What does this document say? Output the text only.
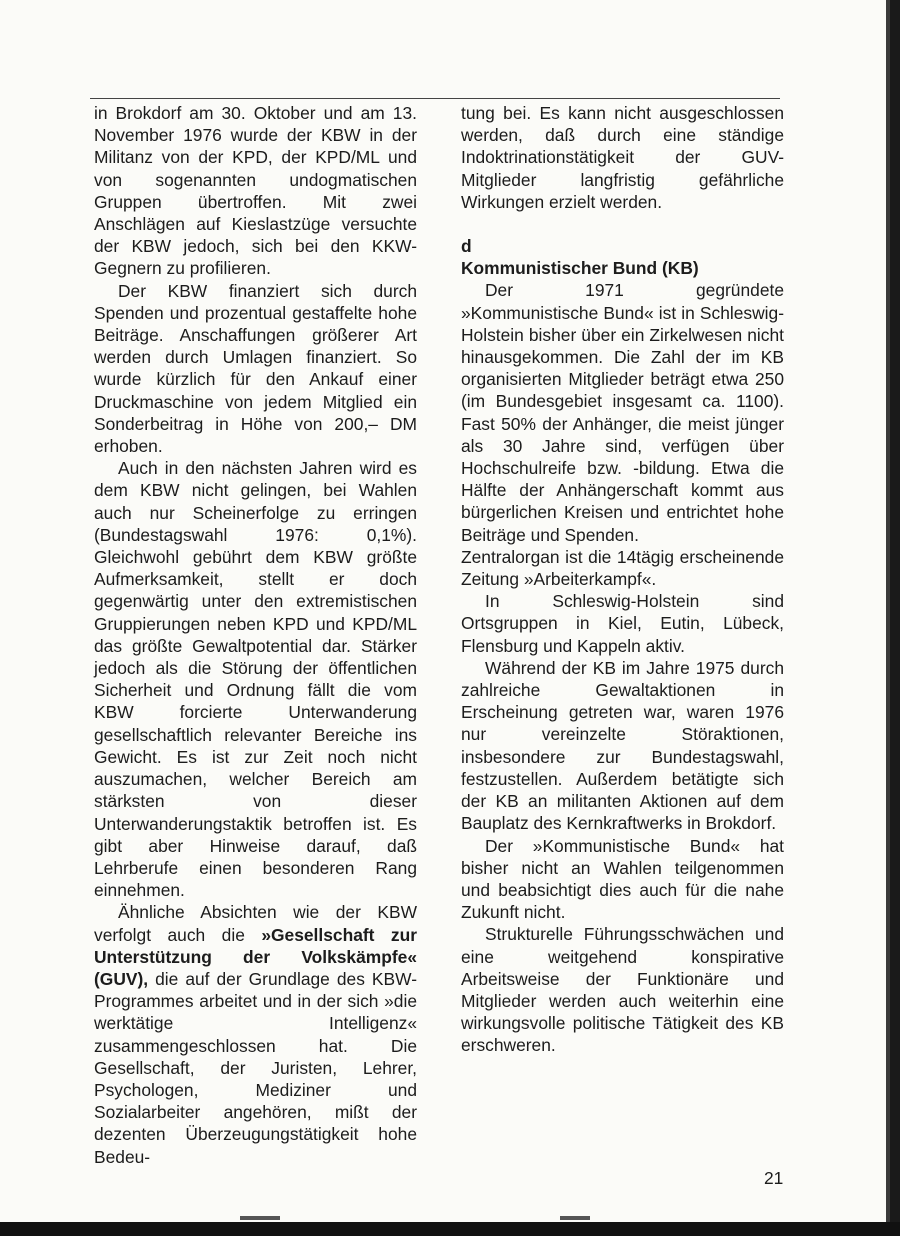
in Brokdorf am 30. Oktober und am 13. November 1976 wurde der KBW in der Militanz von der KPD, der KPD/ML und von sogenannten undogmatischen Gruppen übertroffen. Mit zwei Anschlägen auf Kieslastzüge versuchte der KBW jedoch, sich bei den KKW-Gegnern zu profilieren.

Der KBW finanziert sich durch Spenden und prozentual gestaffelte hohe Beiträge. Anschaffungen größerer Art werden durch Umlagen finanziert. So wurde kürzlich für den Ankauf einer Druckmaschine von jedem Mitglied ein Sonderbeitrag in Höhe von 200,– DM erhoben.

Auch in den nächsten Jahren wird es dem KBW nicht gelingen, bei Wahlen auch nur Scheinerfolge zu erringen (Bundestagswahl 1976: 0,1%). Gleichwohl gebührt dem KBW größte Aufmerksamkeit, stellt er doch gegenwärtig unter den extremistischen Gruppierungen neben KPD und KPD/ML das größte Gewaltpotential dar. Stärker jedoch als die Störung der öffentlichen Sicherheit und Ordnung fällt die vom KBW forcierte Unterwanderung gesellschaftlich relevanter Bereiche ins Gewicht. Es ist zur Zeit noch nicht auszumachen, welcher Bereich am stärksten von dieser Unterwanderungstaktik betroffen ist. Es gibt aber Hinweise darauf, daß Lehrberufe einen besonderen Rang einnehmen.

Ähnliche Absichten wie der KBW verfolgt auch die »Gesellschaft zur Unterstützung der Volkskämpfe« (GUV), die auf der Grundlage des KBW-Programmes arbeitet und in der sich »die werktätige Intelligenz« zusammengeschlossen hat. Die Gesellschaft, der Juristen, Lehrer, Psychologen, Mediziner und Sozialarbeiter angehören, mißt der dezenten Überzeugungstätigkeit hohe Bedeu-

tung bei. Es kann nicht ausgeschlossen werden, daß durch eine ständige Indoktrinationstätigkeit der GUV-Mitglieder langfristig gefährliche Wirkungen erzielt werden.

d

Kommunistischer Bund (KB)

Der 1971 gegründete »Kommunistische Bund« ist in Schleswig-Holstein bisher über ein Zirkelwesen nicht hinausgekommen. Die Zahl der im KB organisierten Mitglieder beträgt etwa 250 (im Bundesgebiet insgesamt ca. 1100). Fast 50% der Anhänger, die meist jünger als 30 Jahre sind, verfügen über Hochschulreife bzw. -bildung. Etwa die Hälfte der Anhängerschaft kommt aus bürgerlichen Kreisen und entrichtet hohe Beiträge und Spenden.

Zentralorgan ist die 14tägig erscheinende Zeitung »Arbeiterkampf«.

In Schleswig-Holstein sind Ortsgruppen in Kiel, Eutin, Lübeck, Flensburg und Kappeln aktiv.

Während der KB im Jahre 1975 durch zahlreiche Gewaltaktionen in Erscheinung getreten war, waren 1976 nur vereinzelte Störaktionen, insbesondere zur Bundestagswahl, festzustellen. Außerdem betätigte sich der KB an militanten Aktionen auf dem Bauplatz des Kernkraftwerks in Brokdorf.

Der »Kommunistische Bund« hat bisher nicht an Wahlen teilgenommen und beabsichtigt dies auch für die nahe Zukunft nicht.

Strukturelle Führungsschwächen und eine weitgehend konspirative Arbeitsweise der Funktionäre und Mitglieder werden auch weiterhin eine wirkungsvolle politische Tätigkeit des KB erschweren.

21
